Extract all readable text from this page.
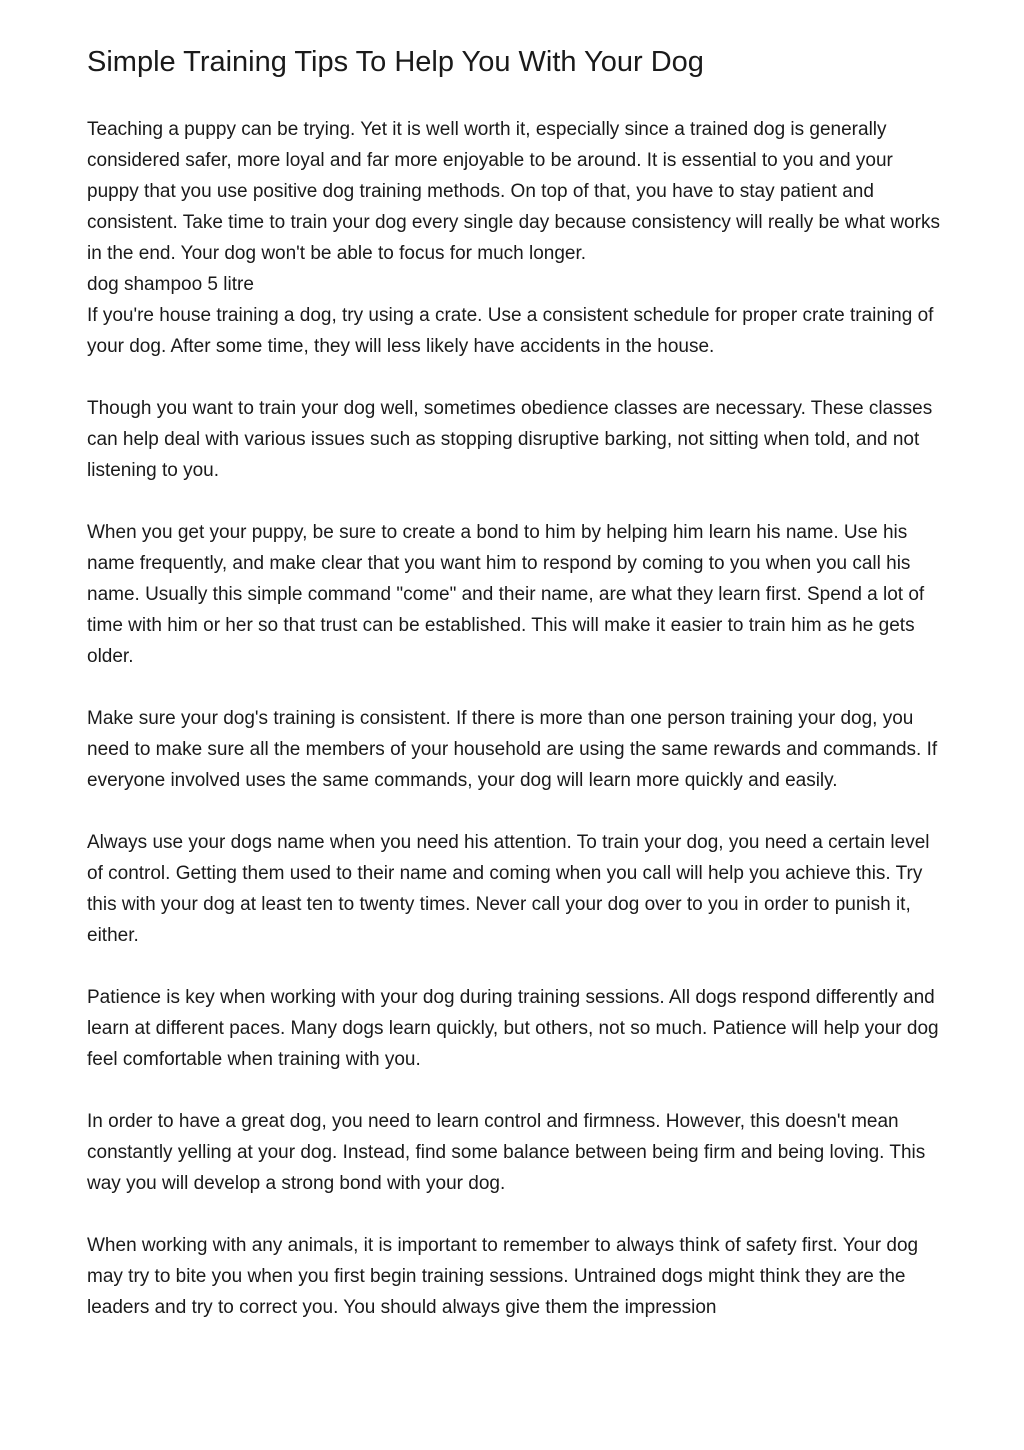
Simple Training Tips To Help You With Your Dog

Teaching a puppy can be trying. Yet it is well worth it, especially since a trained dog is generally considered safer, more loyal and far more enjoyable to be around. It is essential to you and your puppy that you use positive dog training methods. On top of that, you have to stay patient and consistent. Take time to train your dog every single day because consistency will really be what works in the end. Your dog won't be able to focus for much longer.

dog shampoo 5 litre

If you're house training a dog, try using a crate. Use a consistent schedule for proper crate training of your dog. After some time, they will less likely have accidents in the house.

Though you want to train your dog well, sometimes obedience classes are necessary. These classes can help deal with various issues such as stopping disruptive barking, not sitting when told, and not listening to you.

When you get your puppy, be sure to create a bond to him by helping him learn his name. Use his name frequently, and make clear that you want him to respond by coming to you when you call his name. Usually this simple command "come" and their name, are what they learn first. Spend a lot of time with him or her so that trust can be established. This will make it easier to train him as he gets older.

Make sure your dog's training is consistent. If there is more than one person training your dog, you need to make sure all the members of your household are using the same rewards and commands. If everyone involved uses the same commands, your dog will learn more quickly and easily.

Always use your dogs name when you need his attention. To train your dog, you need a certain level of control. Getting them used to their name and coming when you call will help you achieve this. Try this with your dog at least ten to twenty times. Never call your dog over to you in order to punish it, either.

Patience is key when working with your dog during training sessions. All dogs respond differently and learn at different paces. Many dogs learn quickly, but others, not so much. Patience will help your dog feel comfortable when training with you.

In order to have a great dog, you need to learn control and firmness. However, this doesn't mean constantly yelling at your dog. Instead, find some balance between being firm and being loving. This way you will develop a strong bond with your dog.

When working with any animals, it is important to remember to always think of safety first. Your dog may try to bite you when you first begin training sessions. Untrained dogs might think they are the leaders and try to correct you. You should always give them the impression
